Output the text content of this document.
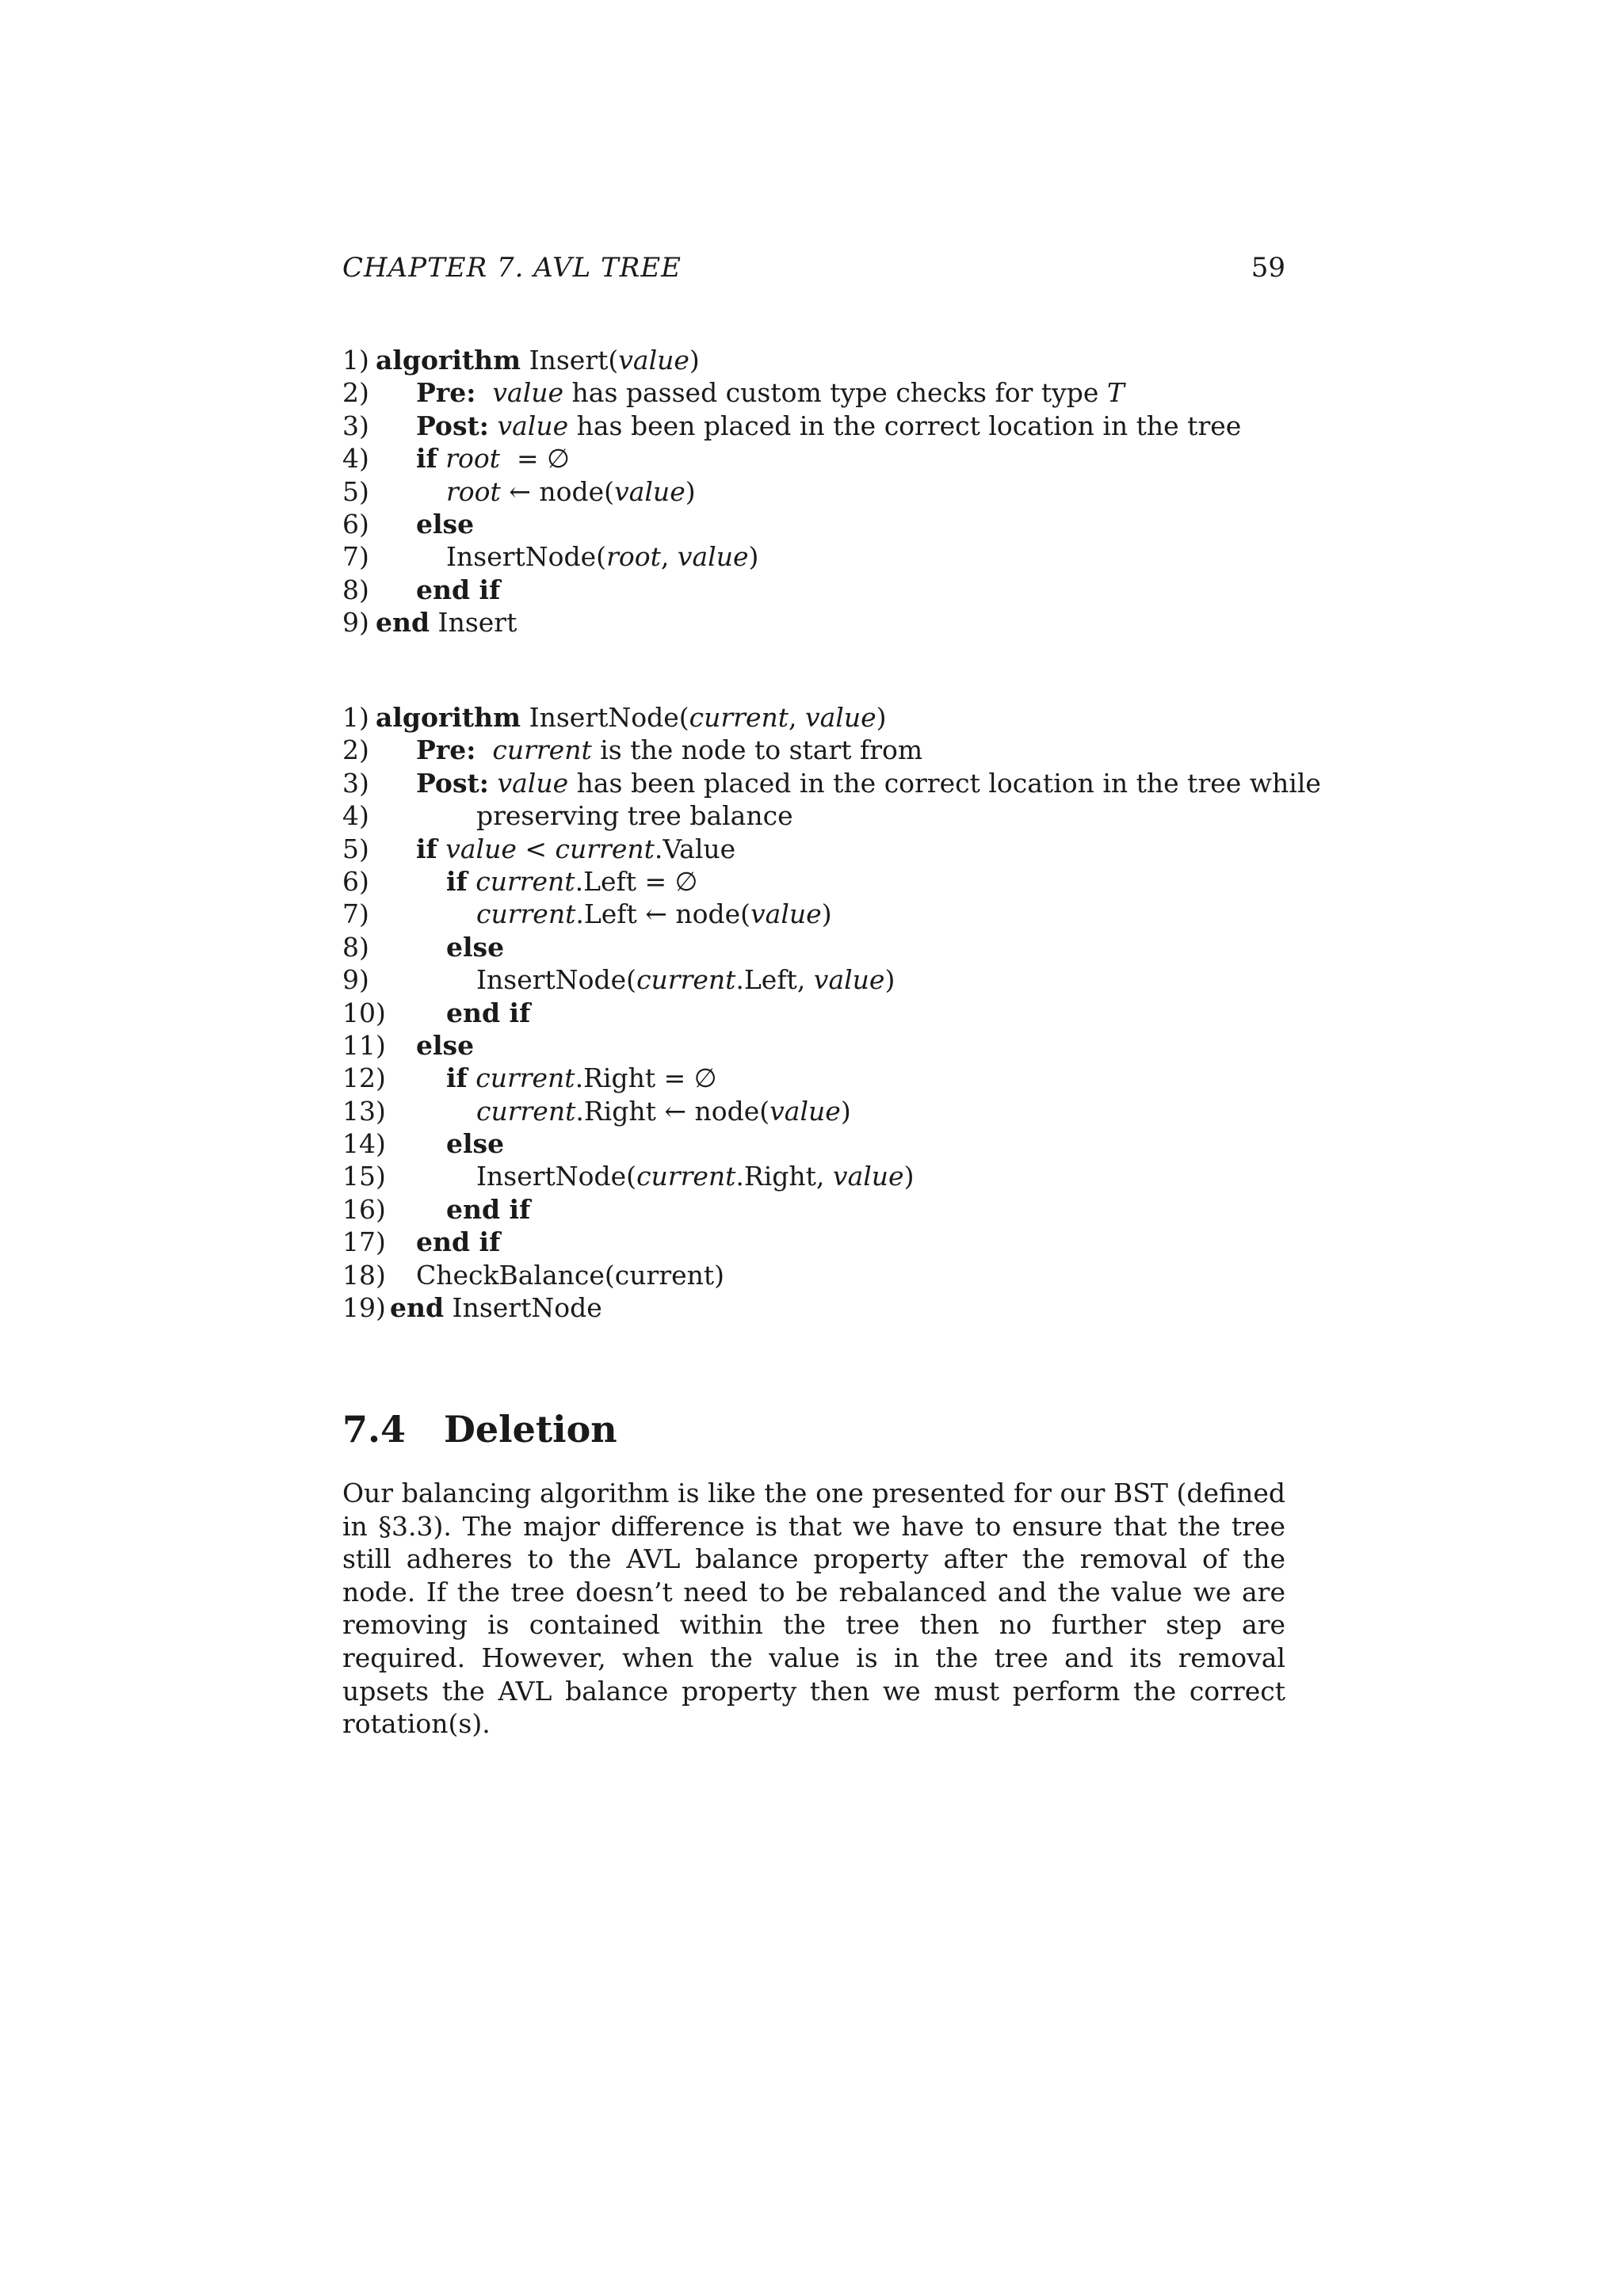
CHAPTER 7. AVL TREE	59
1) algorithm Insert(value)
2) Pre: value has passed custom type checks for type T
3) Post: value has been placed in the correct location in the tree
4) if root  = ∅
5)	root ← node(value)
6) else
7)	InsertNode(root, value)
8) end if
9) end Insert
1) algorithm InsertNode(current, value)
2) Pre: current is the node to start from
3) Post: value has been placed in the correct location in the tree while
4)	preserving tree balance
5) if value < current.Value
6)	if current.Left = ∅
7)	current.Left ← node(value)
8)	else
9)	InsertNode(current.Left, value)
10) end if
11) else
12) if current.Right = ∅
13)	current.Right ← node(value)
14) else
15)	InsertNode(current.Right, value)
16) end if
17) end if
18) CheckBalance(current)
19) end InsertNode
7.4 Deletion

Our balancing algorithm is like the one presented for our BST (defined in §3.3). The major difference is that we have to ensure that the tree still adheres to the AVL balance property after the removal of the node. If the tree doesn’t need to be rebalanced and the value we are removing is contained within the tree then no further step are required. However, when the value is in the tree and its removal upsets the AVL balance property then we must perform the correct rotation(s).
